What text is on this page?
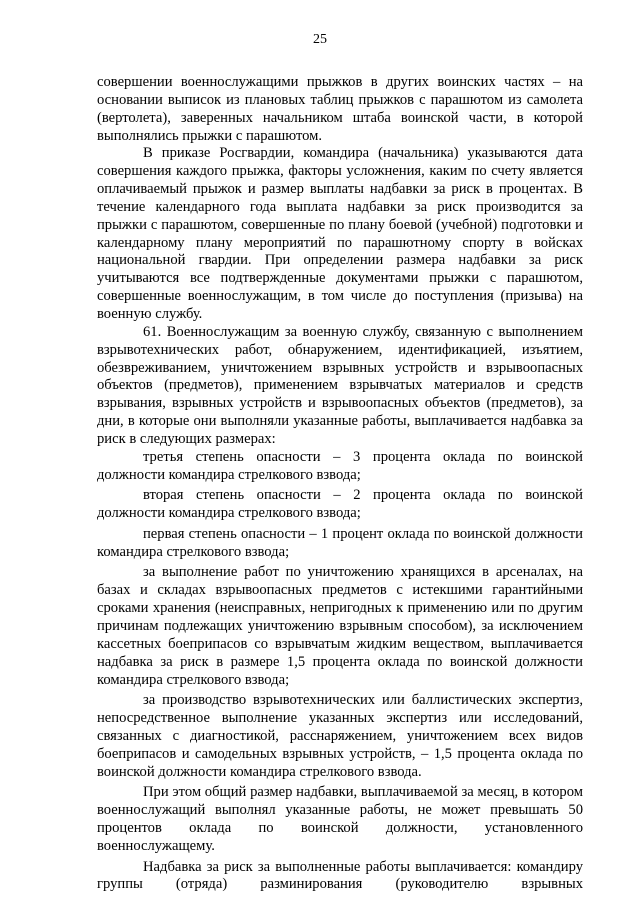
25

совершении военнослужащими прыжков в других воинских частях – на основании выписок из плановых таблиц прыжков с парашютом из самолета (вертолета), заверенных начальником штаба воинской части, в которой выполнялись прыжки с парашютом.

В приказе Росгвардии, командира (начальника) указываются дата совершения каждого прыжка, факторы усложнения, каким по счету является оплачиваемый прыжок и размер выплаты надбавки за риск в процентах. В течение календарного года выплата надбавки за риск производится за прыжки с парашютом, совершенные по плану боевой (учебной) подготовки и календарному плану мероприятий по парашютному спорту в войсках национальной гвардии. При определении размера надбавки за риск учитываются все подтвержденные документами прыжки с парашютом, совершенные военнослужащим, в том числе до поступления (призыва) на военную службу.

61. Военнослужащим за военную службу, связанную с выполнением взрывотехнических работ, обнаружением, идентификацией, изъятием, обезвреживанием, уничтожением взрывных устройств и взрывоопасных объектов (предметов), применением взрывчатых материалов и средств взрывания, взрывных устройств и взрывоопасных объектов (предметов), за дни, в которые они выполняли указанные работы, выплачивается надбавка за риск в следующих размерах:

третья степень опасности – 3 процента оклада по воинской должности командира стрелкового взвода;

вторая степень опасности – 2 процента оклада по воинской должности командира стрелкового взвода;

первая степень опасности – 1 процент оклада по воинской должности командира стрелкового взвода;

за выполнение работ по уничтожению хранящихся в арсеналах, на базах и складах взрывоопасных предметов с истекшими гарантийными сроками хранения (неисправных, непригодных к применению или по другим причинам подлежащих уничтожению взрывным способом), за исключением кассетных боеприпасов со взрывчатым жидким веществом, выплачивается надбавка за риск в размере 1,5 процента оклада по воинской должности командира стрелкового взвода;

за производство взрывотехнических или баллистических экспертиз, непосредственное выполнение указанных экспертиз или исследований, связанных с диагностикой, расснаряжением, уничтожением всех видов боеприпасов и самодельных взрывных устройств, – 1,5 процента оклада по воинской должности командира стрелкового взвода.

При этом общий размер надбавки, выплачиваемой за месяц, в котором военнослужащий выполнял указанные работы, не может превышать 50 процентов оклада по воинской должности, установленного военнослужащему.

Надбавка за риск за выполненные работы выплачивается: командиру группы (отряда) разминирования (руководителю взрывных
